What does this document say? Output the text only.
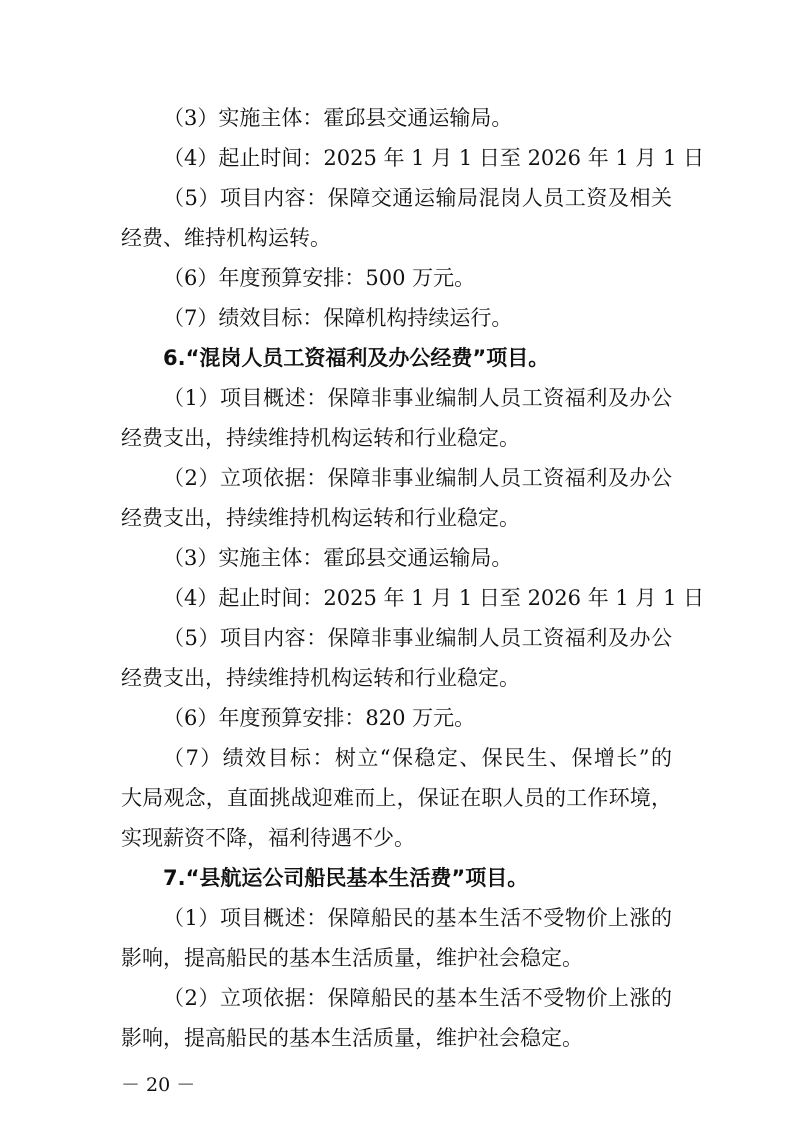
（3）实施主体：霍邱县交通运输局。
（4）起止时间：2025 年 1 月 1 日至 2026 年 1 月 1 日
（5）项目内容：保障交通运输局混岗人员工资及相关
经费、维持机构运转。
（6）年度预算安排：500 万元。
（7）绩效目标：保障机构持续运行。
6.“混岗人员工资福利及办公经费”项目。
（1）项目概述：保障非事业编制人员工资福利及办公
经费支出，持续维持机构运转和行业稳定。
（2）立项依据：保障非事业编制人员工资福利及办公
经费支出，持续维持机构运转和行业稳定。
（3）实施主体：霍邱县交通运输局。
（4）起止时间：2025 年 1 月 1 日至 2026 年 1 月 1 日
（5）项目内容：保障非事业编制人员工资福利及办公
经费支出，持续维持机构运转和行业稳定。
（6）年度预算安排：820 万元。
（7）绩效目标：树立“保稳定、保民生、保增长”的
大局观念，直面挑战迎难而上，保证在职人员的工作环境，
实现薪资不降，福利待遇不少。
7.“县航运公司船民基本生活费”项目。
（1）项目概述：保障船民的基本生活不受物价上涨的
影响，提高船民的基本生活质量，维护社会稳定。
（2）立项依据：保障船民的基本生活不受物价上涨的
影响，提高船民的基本生活质量，维护社会稳定。
－ 20 －
